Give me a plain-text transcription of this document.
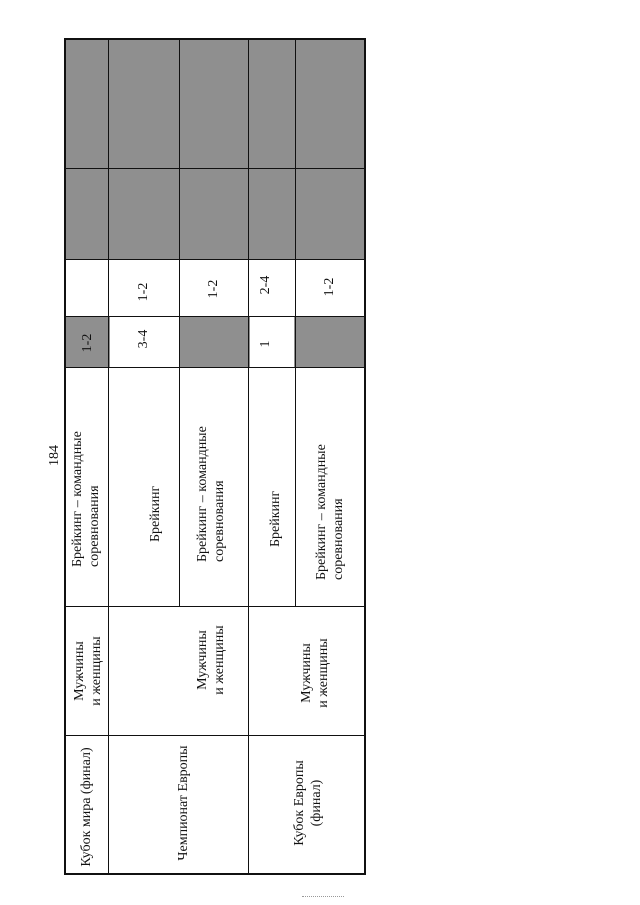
184
Брейкинг – командные
соревнования
Мужчины
и женщины
Кубок мира (финал)
1-2
Брейкинг
Мужчины
и женщины
Чемпионат Европы
1-2
3-4
Брейкинг – командные
соревнования
1-2
Брейкинг
Мужчины
и женщины
Кубок Европы
(финал)
1
2-4
Брейкинг – командные
соревнования
1-2
